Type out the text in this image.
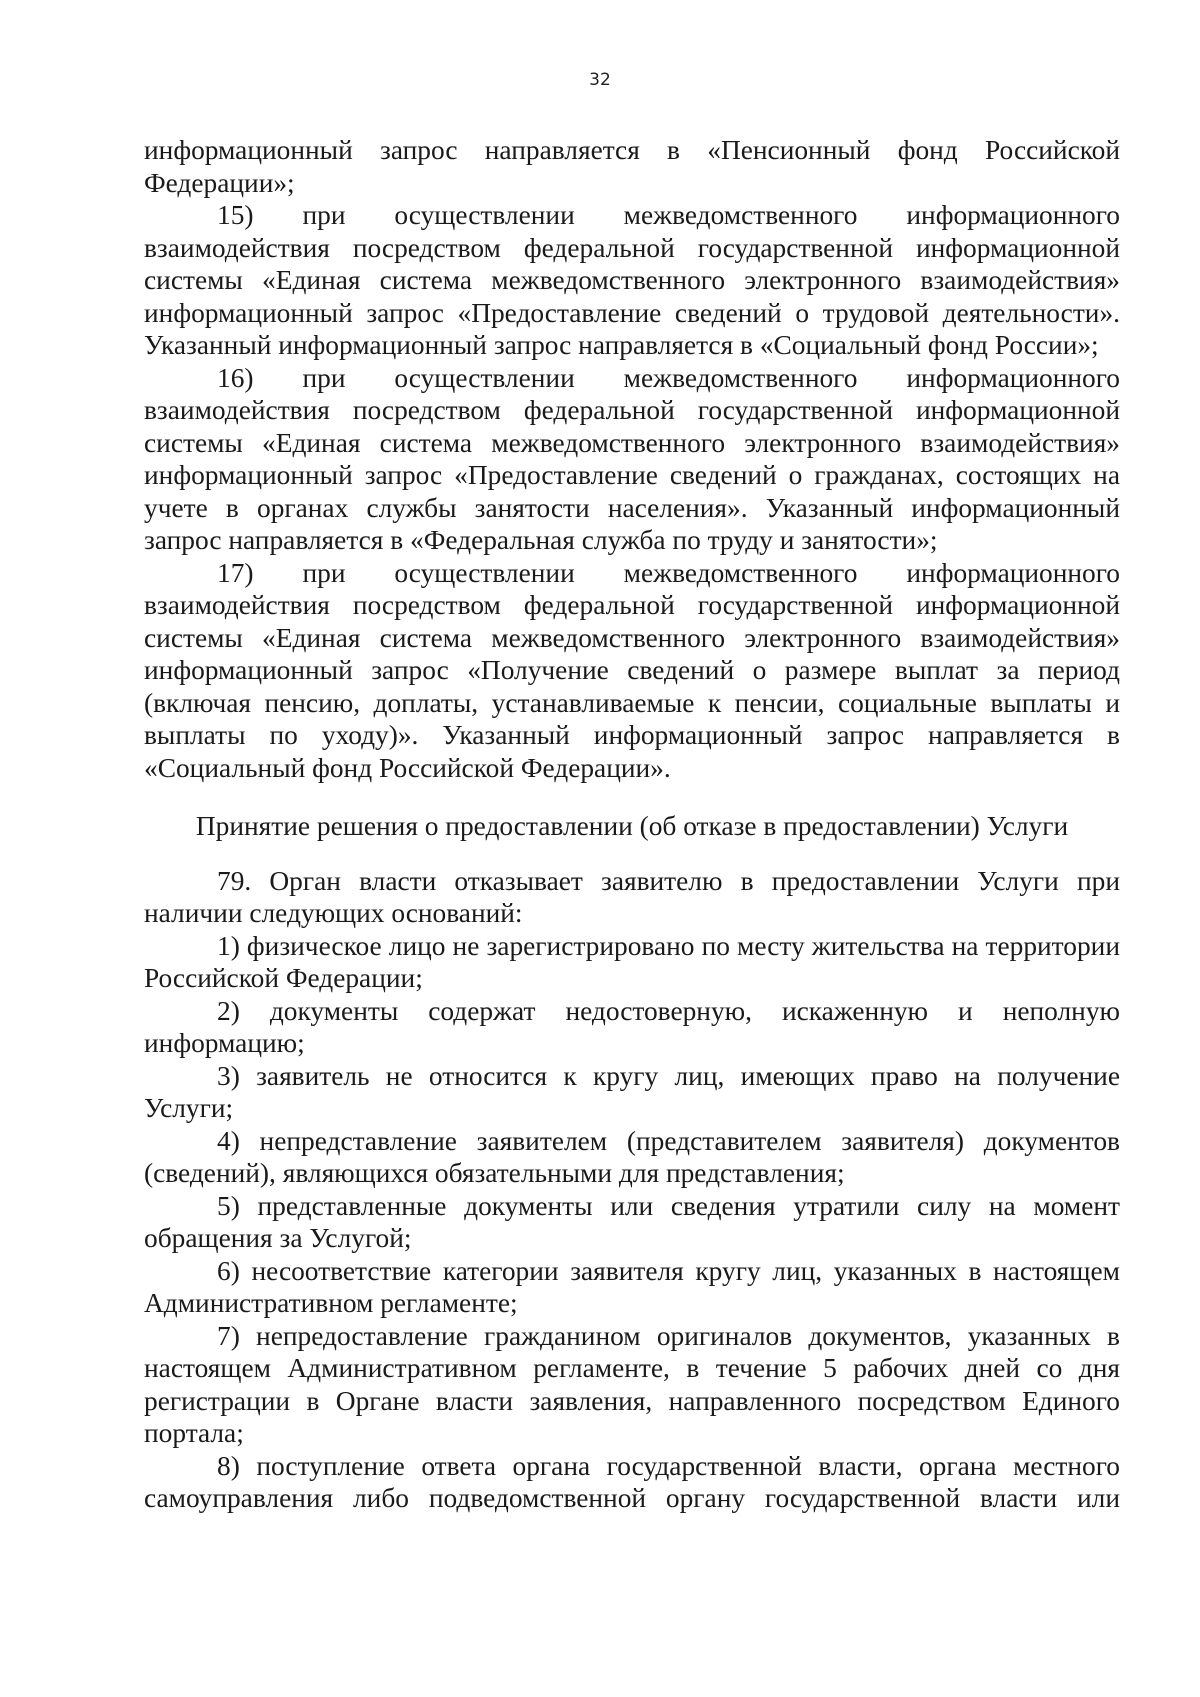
32

информационный запрос направляется в «Пенсионный фонд Российской Федерации»;

15) при осуществлении межведомственного информационного взаимодействия посредством федеральной государственной информационной системы «Единая система межведомственного электронного взаимодействия» информационный запрос «Предоставление сведений о трудовой деятельности». Указанный информационный запрос направляется в «Социальный фонд России»;

16) при осуществлении межведомственного информационного взаимодействия посредством федеральной государственной информационной системы «Единая система межведомственного электронного взаимодействия» информационный запрос «Предоставление сведений о гражданах, состоящих на учете в органах службы занятости населения». Указанный информационный запрос направляется в «Федеральная служба по труду и занятости»;

17) при осуществлении межведомственного информационного взаимодействия посредством федеральной государственной информационной системы «Единая система межведомственного электронного взаимодействия» информационный запрос «Получение сведений о размере выплат за период (включая пенсию, доплаты, устанавливаемые к пенсии, социальные выплаты и выплаты по уходу)». Указанный информационный запрос направляется в «Социальный фонд Российской Федерации».

Принятие решения о предоставлении (об отказе в предоставлении) Услуги

79. Орган власти отказывает заявителю в предоставлении Услуги при наличии следующих оснований:

1) физическое лицо не зарегистрировано по месту жительства на территории Российской Федерации;

2) документы содержат недостоверную, искаженную и неполную информацию;

3) заявитель не относится к кругу лиц, имеющих право на получение Услуги;

4) непредставление заявителем (представителем заявителя) документов (сведений), являющихся обязательными для представления;

5) представленные документы или сведения утратили силу на момент обращения за Услугой;

6) несоответствие категории заявителя кругу лиц, указанных в настоящем Административном регламенте;

7) непредоставление гражданином оригиналов документов, указанных в настоящем Административном регламенте, в течение 5 рабочих дней со дня регистрации в Органе власти заявления, направленного посредством Единого портала;

8) поступление ответа органа государственной власти, органа местного самоуправления либо подведомственной органу государственной власти или
